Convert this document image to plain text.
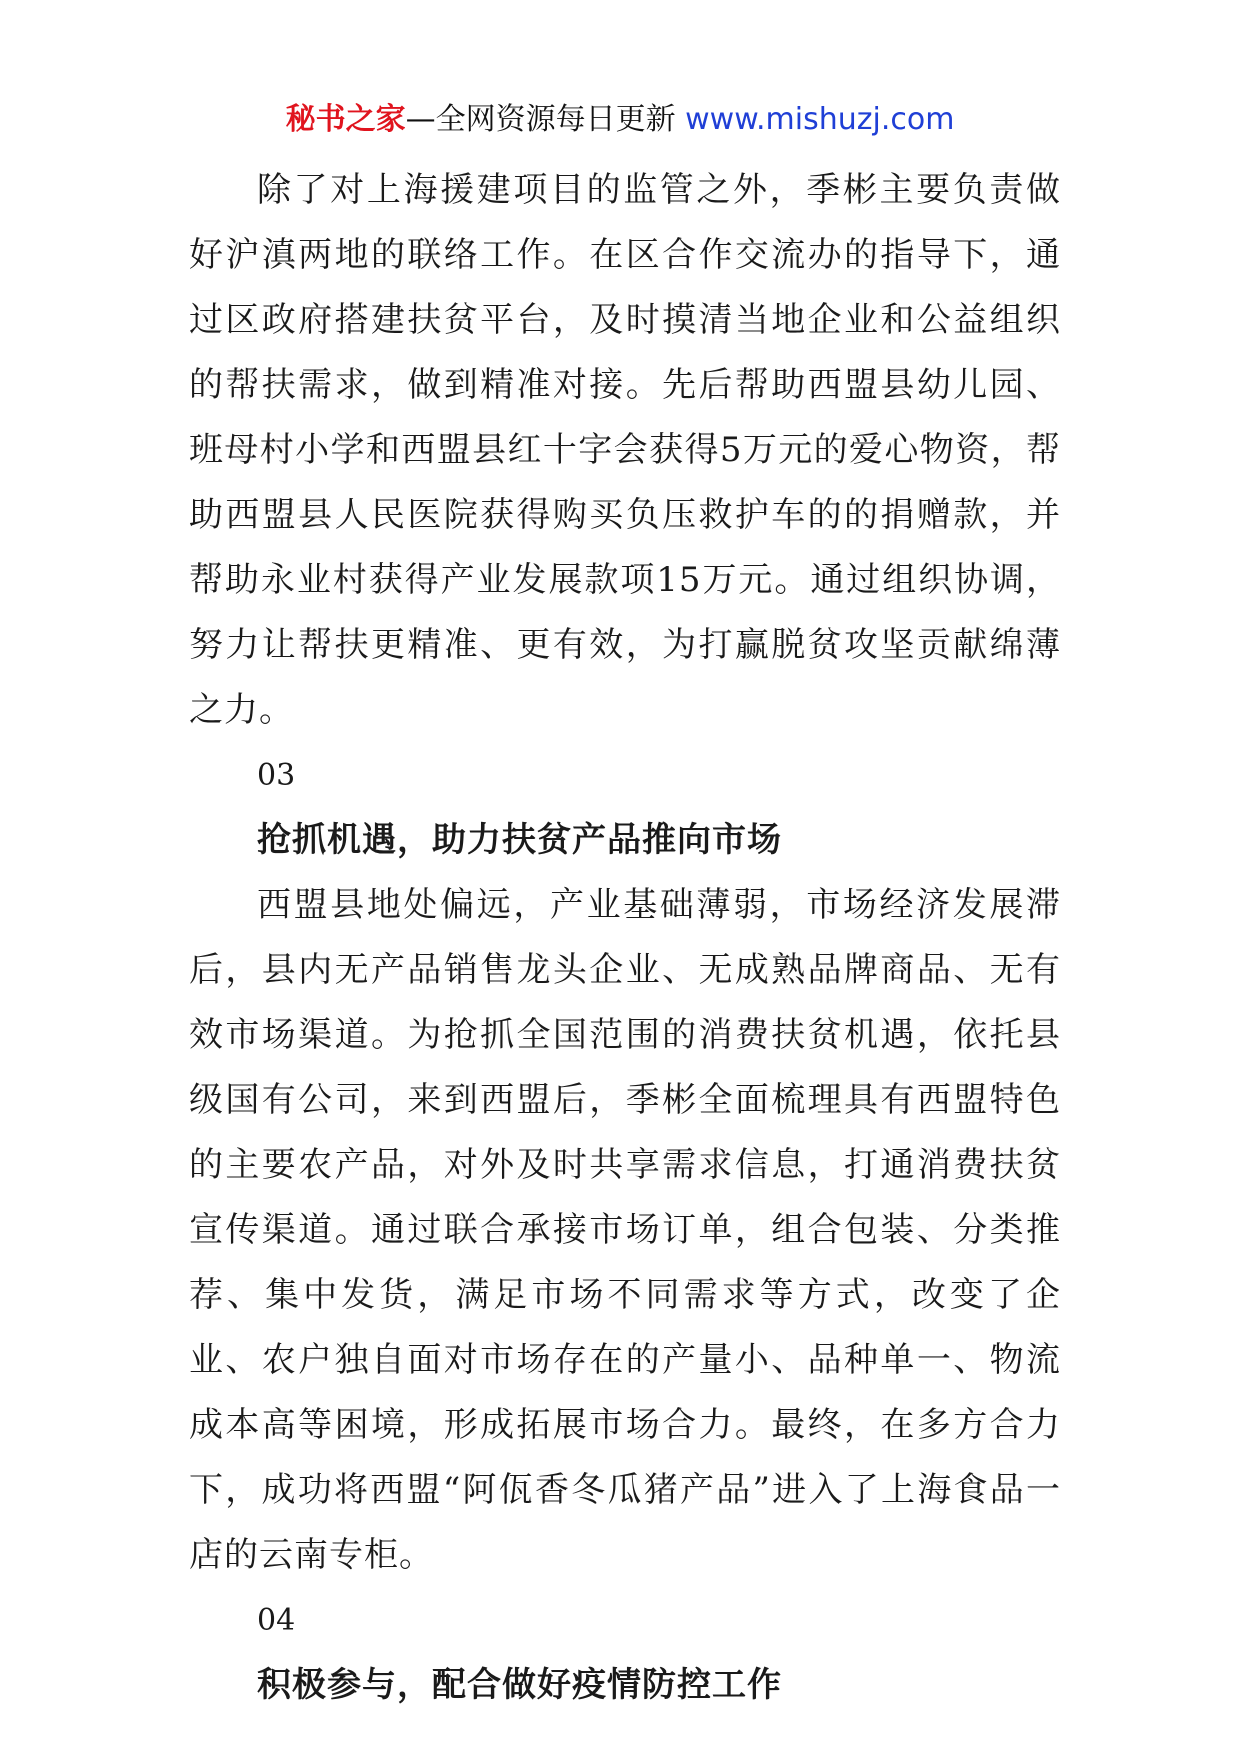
秘书之家—全网资源每日更新 www.mishuzj.com

除了对上海援建项目的监管之外，季彬主要负责做好沪滇两地的联络工作。在区合作交流办的指导下，通过区政府搭建扶贫平台，及时摸清当地企业和公益组织的帮扶需求，做到精准对接。先后帮助西盟县幼儿园、班母村小学和西盟县红十字会获得5万元的爱心物资，帮助西盟县人民医院获得购买负压救护车的的捐赠款，并帮助永业村获得产业发展款项15万元。通过组织协调，努力让帮扶更精准、更有效，为打赢脱贫攻坚贡献绵薄之力。

03

抢抓机遇，助力扶贫产品推向市场

西盟县地处偏远，产业基础薄弱，市场经济发展滞后，县内无产品销售龙头企业、无成熟品牌商品、无有效市场渠道。为抢抓全国范围的消费扶贫机遇，依托县级国有公司，来到西盟后，季彬全面梳理具有西盟特色的主要农产品，对外及时共享需求信息，打通消费扶贫宣传渠道。通过联合承接市场订单，组合包装、分类推荐、集中发货，满足市场不同需求等方式，改变了企业、农户独自面对市场存在的产量小、品种单一、物流成本高等困境，形成拓展市场合力。最终，在多方合力下，成功将西盟“阿佤香冬瓜猪产品”进入了上海食品一店的云南专柜。

04

积极参与，配合做好疫情防控工作
